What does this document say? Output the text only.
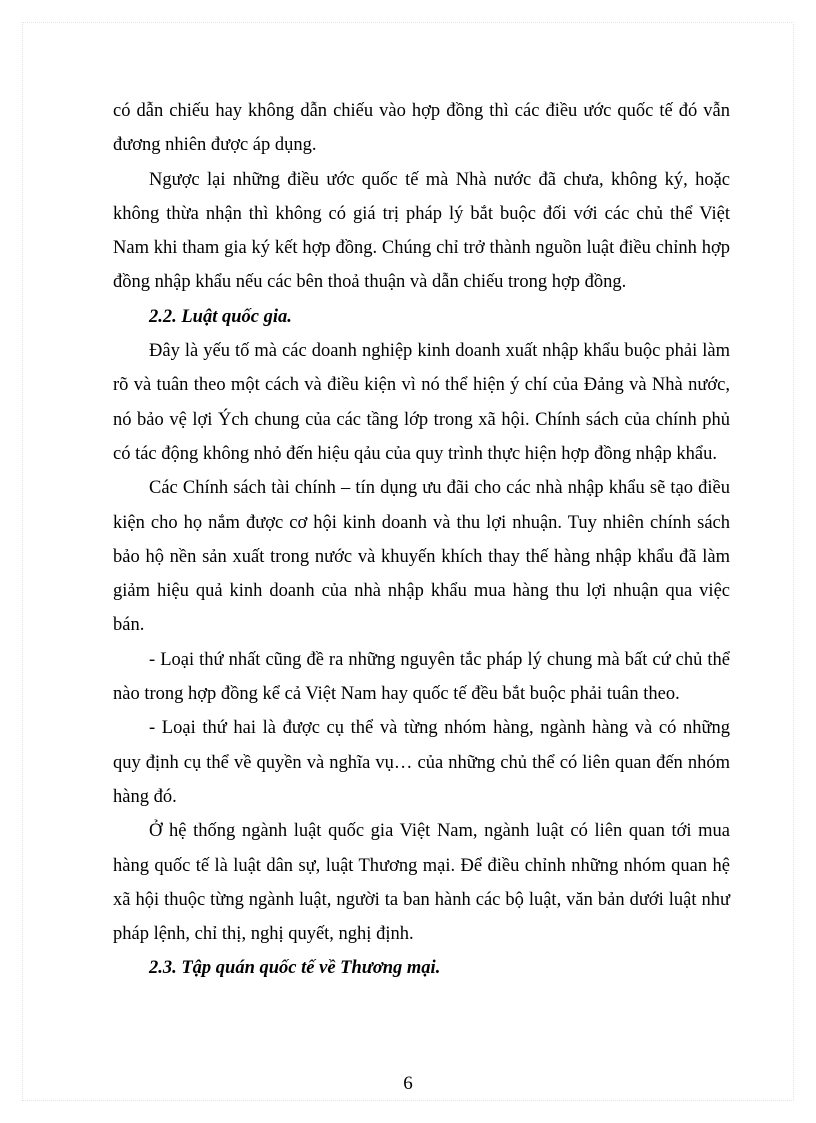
có dẫn chiếu hay không dẫn chiếu vào hợp đồng thì các điều ước quốc tế đó vẫn đương nhiên được áp dụng.

Ngược lại những điều ước quốc tế mà Nhà nước đã chưa, không ký, hoặc không thừa nhận thì không có giá trị pháp lý bắt buộc đối với các chủ thể Việt Nam khi tham gia ký kết hợp đồng. Chúng chỉ trở thành nguồn luật điều chỉnh hợp đồng nhập khẩu nếu các bên thoả thuận và dẫn chiếu trong hợp đồng.

2.2. Luật quốc gia.

Đây là yếu tố mà các doanh nghiệp kinh doanh xuất nhập khẩu buộc phải làm rõ và tuân theo một cách và điều kiện vì nó thể hiện ý chí của Đảng và Nhà nước, nó bảo vệ lợi Ých chung của các tầng lớp trong xã hội. Chính sách của chính phủ có tác động không nhỏ đến hiệu qảu của quy trình thực hiện hợp đồng nhập khẩu.

Các Chính sách tài chính – tín dụng ưu đãi cho các nhà nhập khẩu sẽ tạo điều kiện cho họ nắm được cơ hội kinh doanh và thu lợi nhuận. Tuy nhiên chính sách bảo hộ nền sản xuất trong nước và khuyến khích thay thế hàng nhập khẩu đã làm giảm hiệu quả kinh doanh của nhà nhập khẩu mua hàng thu lợi nhuận qua việc bán.

- Loại thứ nhất cũng đề ra những nguyên tắc pháp lý chung mà bất cứ chủ thể nào trong hợp đồng kể cả Việt Nam hay quốc tế đều bắt buộc phải tuân theo.

- Loại thứ hai là được cụ thể và từng nhóm hàng, ngành hàng và có những quy định cụ thể về quyền và nghĩa vụ… của những chủ thể có liên quan đến nhóm hàng đó.

Ở hệ thống ngành luật quốc gia Việt Nam, ngành luật có liên quan tới mua hàng quốc tế là luật dân sự, luật Thương mại. Để điều chỉnh những nhóm quan hệ xã hội thuộc từng ngành luật, người ta ban hành các bộ luật, văn bản dưới luật như pháp lệnh, chỉ thị, nghị quyết, nghị định.

2.3. Tập quán quốc tế về Thương mại.
6
